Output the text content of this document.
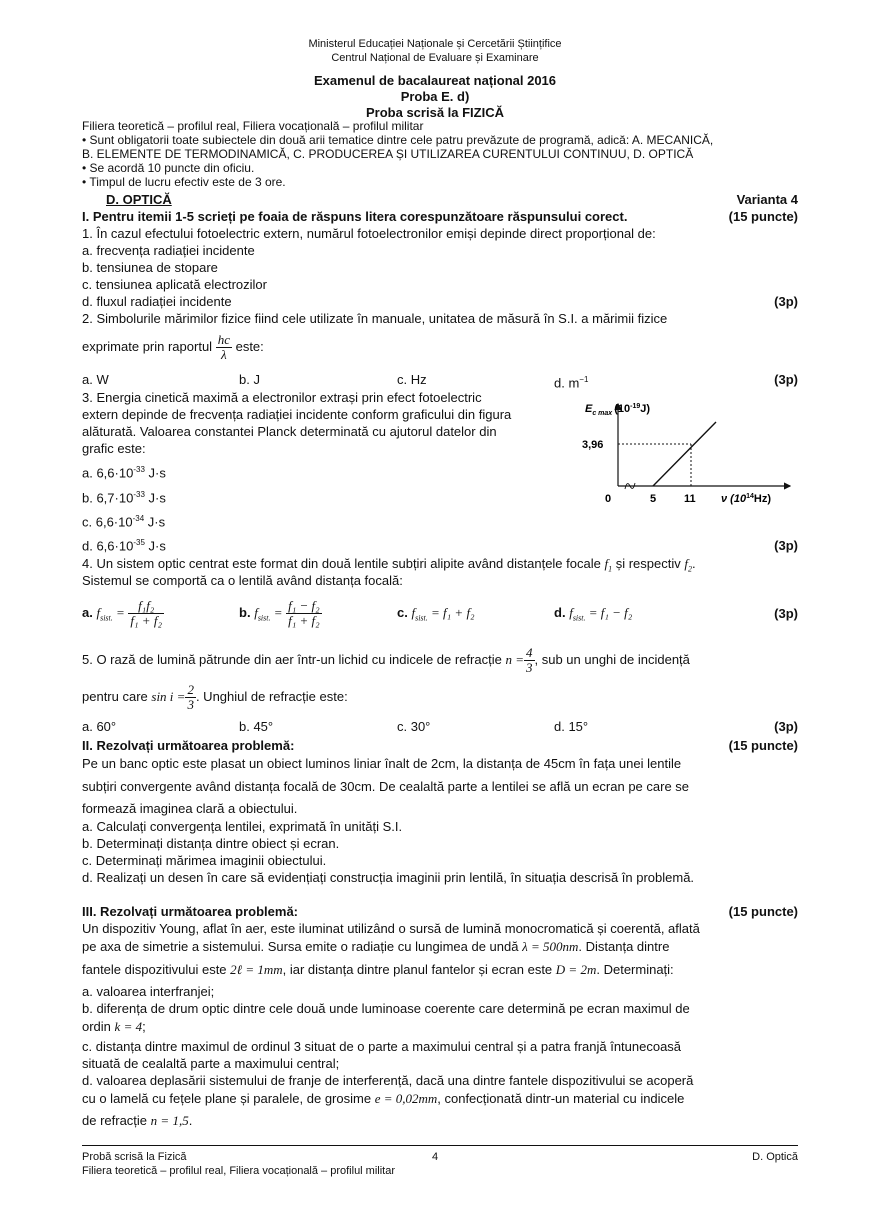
Ministerul Educației Naționale și Cercetării Științifice
Centrul Național de Evaluare și Examinare
Examenul de bacalaureat național 2016
Proba E. d)
Proba scrisă la FIZICĂ
Filiera teoretică – profilul real, Filiera vocațională – profilul militar
• Sunt obligatorii toate subiectele din două arii tematice dintre cele patru prevăzute de programă, adică: A. MECANICĂ,
B. ELEMENTE DE TERMODINAMICĂ, C. PRODUCEREA ȘI UTILIZAREA CURENTULUI CONTINUU, D. OPTICĂ
• Se acordă 10 puncte din oficiu.
• Timpul de lucru efectiv este de 3 ore.
D. OPTICĂ	Varianta 4
I. Pentru itemii 1-5 scrieți pe foaia de răspuns litera corespunzătoare răspunsului corect.	(15 puncte)
1. În cazul efectului fotoelectric extern, numărul fotoelectronilor emiși depinde direct proporțional de:
a. frecvența radiației incidente
b. tensiunea de stopare
c. tensiunea aplicată electrozilor
d. fluxul radiației incidente	(3p)
2. Simbolurile mărimilor fizice fiind cele utilizate în manuale, unitatea de măsură în S.I. a mărimii fizice
exprimate prin raportul $\frac{hc}{\lambda}$ este:
a. W	b. J	c. Hz	d. $m^{-1}$	(3p)
3. Energia cinetică maximă a electronilor extrași prin efect fotoelectric
extern depinde de frecvența radiației incidente conform graficului din figura
alăturată. Valoarea constantei Planck determinată cu ajutorul datelor din
grafic este:
a. $6,6\cdot 10^{-33}$ J·s
b. $6,7\cdot 10^{-33}$ J·s
c. $6,6\cdot 10^{-34}$ J·s
d. $6,6\cdot 10^{-35}$ J·s	(3p)
$E_{c max}$ $(10^{-19}J)$
3,96
0	5	11 ν $(10^{14}Hz)$
4. Un sistem optic centrat este format din două lentile subțiri alipite având distanțele focale $f_1$ și respectiv $f_2$.
Sistemul se comportă ca o lentilă având distanța focală:
a. $f_{sist.} = \frac{\text{f₁f₂}}{\text{f₁ + f₂}}$	b. $f_{sist.} = \frac{\text{f₁ − f₂}}{\text{f₁ + f₂}}$	c. $f_{sist.} = f_1 + f_2$	d. $f_{sist.} = f_1 - f_2$	(3p)
5. O rază de lumină pătrunde din aer într-un lichid cu indicele de refracție $n = \frac{4}{3}$ , sub un unghi de incidență
pentru care $\sin i = \frac{2}{3}$ . Unghiul de refracție este:
a. 60°	b. 45°	c. 30°	d. 15°	(3p)
II. Rezolvați următoarea problemă:	(15 puncte)
Pe un banc optic este plasat un obiect luminos liniar înalt de 2cm, la distanța de 45cm în fața unei lentile
subțiri convergente având distanța focală de 30cm. De cealaltă parte a lentilei se află un ecran pe care se
formează imaginea clară a obiectului.
a. Calculați convergența lentilei, exprimată în unități S.I.
b. Determinați distanța dintre obiect și ecran.
c. Determinați mărimea imaginii obiectului.
d. Realizați un desen în care să evidențiați construcția imaginii prin lentilă, în situația descrisă în problemă.
III. Rezolvați următoarea problemă:	(15 puncte)
Un dispozitiv Young, aflat în aer, este iluminat utilizând o sursă de lumină monocromatică și coerentă, aflată
pe axa de simetrie a sistemului. Sursa emite o radiație cu lungimea de undă λ = 500nm. Distanța dintre
fantele dispozitivului este 2ℓ = 1mm, iar distanța dintre planul fantelor și ecran este D = 2m. Determinați:
a. valoarea interfranjei;
b. diferența de drum optic dintre cele două unde luminoase coerente care determină pe ecran maximul de
ordin k = 4;
c. distanța dintre maximul de ordinul 3 situat de o parte a maximului central și a patra franjă întunecoasă
situată de cealaltă parte a maximului central;
d. valoarea deplasării sistemului de franje de interferență, dacă una dintre fantele dispozitivului se acoperă
cu o lamelă cu fețele plane și paralele, de grosime e = 0,02mm, confecționată dintr-un material cu indicele
de refracție n = 1,5.
Probă scrisă la Fizică	4	D. Optică
Filiera teoretică – profilul real, Filiera vocațională – profilul militar
